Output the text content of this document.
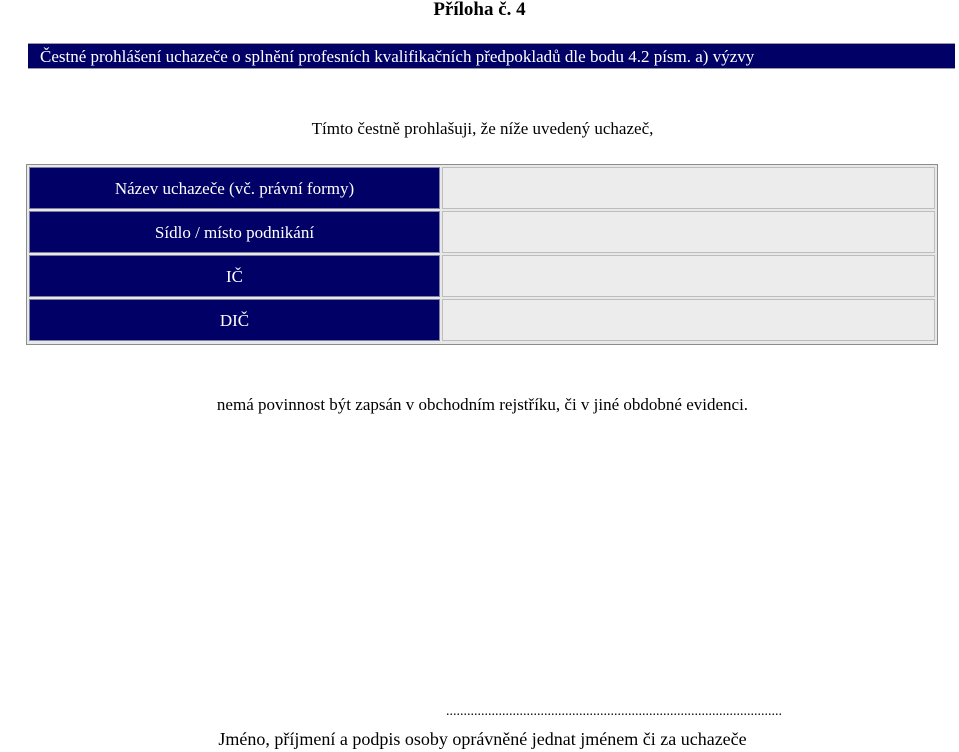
Příloha č. 4
Čestné prohlášení uchazeče o splnění profesních kvalifikačních předpokladů dle bodu 4.2 písm. a) výzvy
Tímto čestně prohlašuji, že níže uvedený uchazeč,
Název uchazeče (vč. právní formy)
Sídlo / místo podnikání
IČ
DIČ
nemá povinnost být zapsán v obchodním rejstříku, či v jiné obdobné evidenci.
................................................................................................
Jméno, příjmení a podpis osoby oprávněné jednat jménem či za uchazeče
